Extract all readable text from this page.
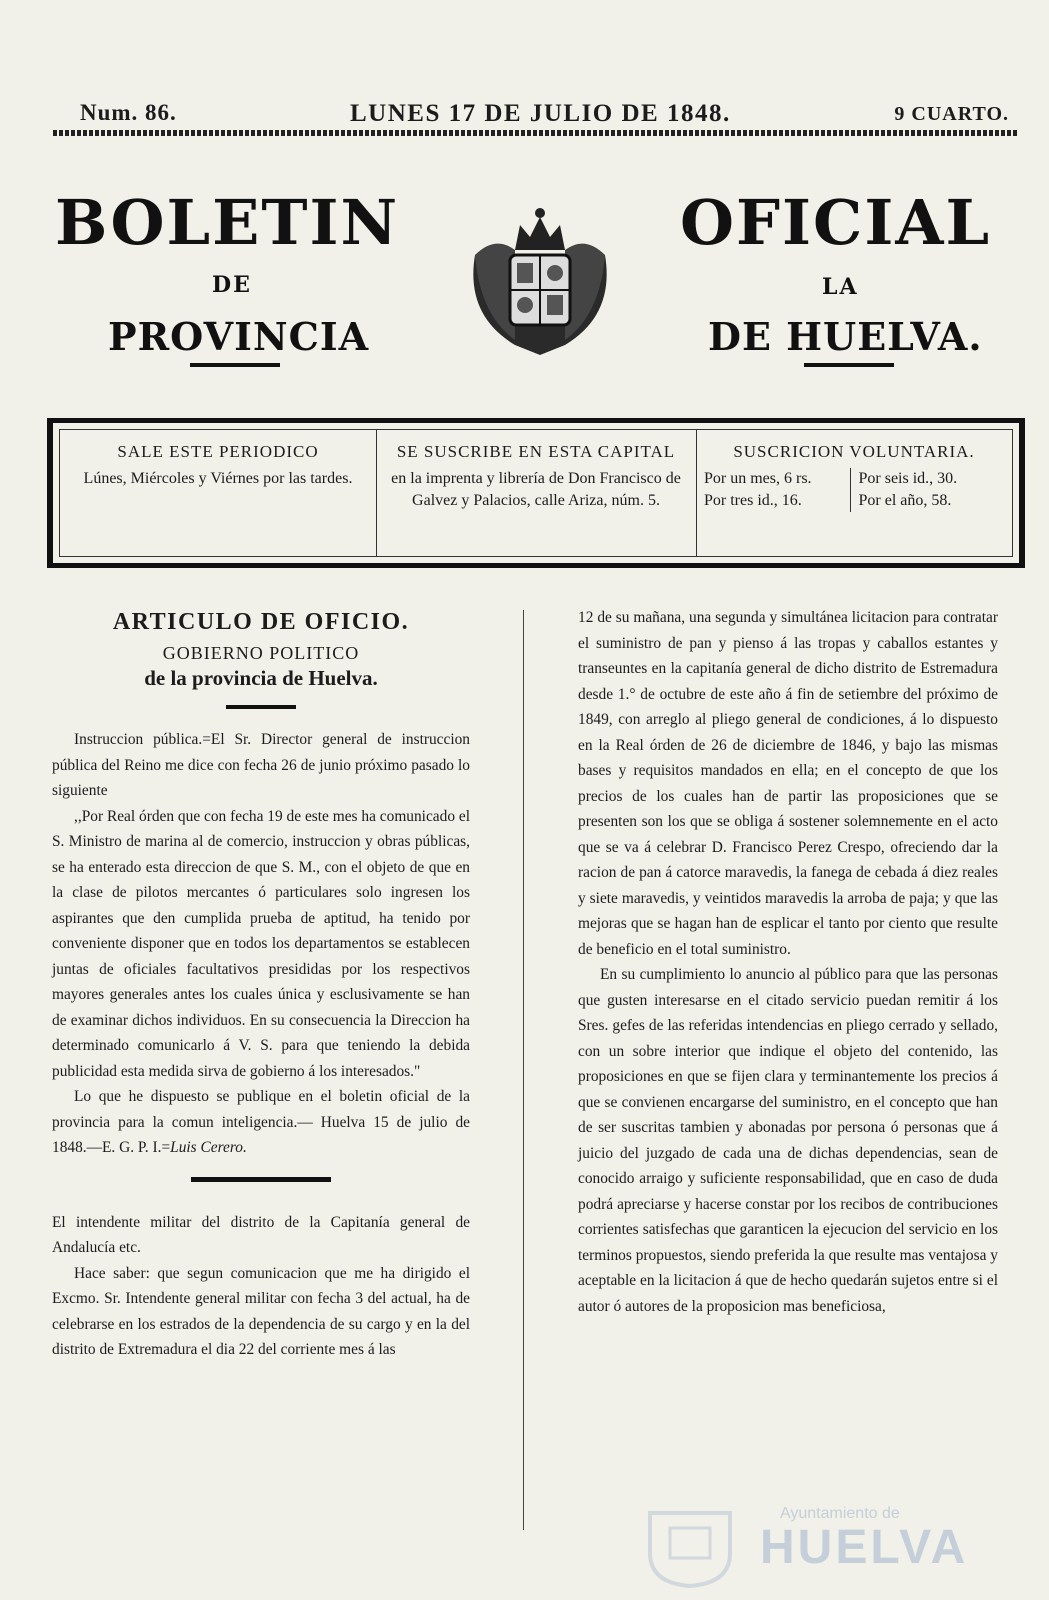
Num. 86.	LUNES 17 DE JULIO DE 1848.	9 CUARTO.
BOLETIN	OFICIAL
DE	LA
PROVINCIA	DE HUELVA.
SALE ESTE PERIODICO

Lúnes, Miércoles y Viérnes por las tardes.

SE SUSCRIBE EN ESTA CAPITAL

en la imprenta y librería de Don Francisco de Galvez y Palacios, calle Ariza, núm. 5.

SUSCRICION VOLUNTARIA.
Por un mes, 6 rs.	Por seis id., 30.
Por tres id., 16.	Por el año, 58.

ARTICULO DE OFICIO.

GOBIERNO POLITICO

de la provincia de Huelva.

Instruccion pública.=El Sr. Director general de instruccion pública del Reino me dice con fecha 26 de junio próximo pasado lo siguiente

,,Por Real órden que con fecha 19 de este mes ha comunicado el S. Ministro de marina al de comercio, instruccion y obras públicas, se ha enterado esta direccion de que S. M., con el objeto de que en la clase de pilotos mercantes ó particulares solo ingresen los aspirantes que den cumplida prueba de aptitud, ha tenido por conveniente disponer que en todos los departamentos se establecen juntas de oficiales facultativos presididas por los respectivos mayores generales antes los cuales única y esclusivamente se han de examinar dichos individuos. En su consecuencia la Direccion ha determinado comunicarlo á V. S. para que teniendo la debida publicidad esta medida sirva de gobierno á los interesados."

Lo que he dispuesto se publique en el boletin oficial de la provincia para la comun inteligencia.— Huelva 15 de julio de 1848.—E. G. P. I.=Luis Cerero.

El intendente militar del distrito de la Capitanía general de Andalucía etc.

Hace saber: que segun comunicacion que me ha dirigido el Excmo. Sr. Intendente general militar con fecha 3 del actual, ha de celebrarse en los estrados de la dependencia de su cargo y en la del distrito de Extremadura el dia 22 del corriente mes á las

12 de su mañana, una segunda y simultánea licitacion para contratar el suministro de pan y pienso á las tropas y caballos estantes y transeuntes en la capitanía general de dicho distrito de Estremadura desde 1.° de octubre de este año á fin de setiembre del próximo de 1849, con arreglo al pliego general de condiciones, á lo dispuesto en la Real órden de 26 de diciembre de 1846, y bajo las mismas bases y requisitos mandados en ella; en el concepto de que los precios de los cuales han de partir las proposiciones que se presenten son los que se obliga á sostener solemnemente en el acto que se va á celebrar D. Francisco Perez Crespo, ofreciendo dar la racion de pan á catorce maravedis, la fanega de cebada á diez reales y siete maravedis, y veintidos maravedis la arroba de paja; y que las mejoras que se hagan han de esplicar el tanto por ciento que resulte de beneficio en el total suministro.

En su cumplimiento lo anuncio al público para que las personas que gusten interesarse en el citado servicio puedan remitir á los Sres. gefes de las referidas intendencias en pliego cerrado y sellado, con un sobre interior que indique el objeto del contenido, las proposiciones en que se fijen clara y terminantemente los precios á que se convienen encargarse del suministro, en el concepto que han de ser suscritas tambien y abonadas por persona ó personas que á juicio del juzgado de cada una de dichas dependencias, sean de conocido arraigo y suficiente responsabilidad, que en caso de duda podrá apreciarse y hacerse constar por los recibos de contribuciones corrientes satisfechas que garanticen la ejecucion del servicio en los terminos propuestos, siendo preferida la que resulte mas ventajosa y aceptable en la licitacion á que de hecho quedarán sujetos entre si el autor ó autores de la proposicion mas beneficiosa,

Ayuntamiento de
HUELVA
